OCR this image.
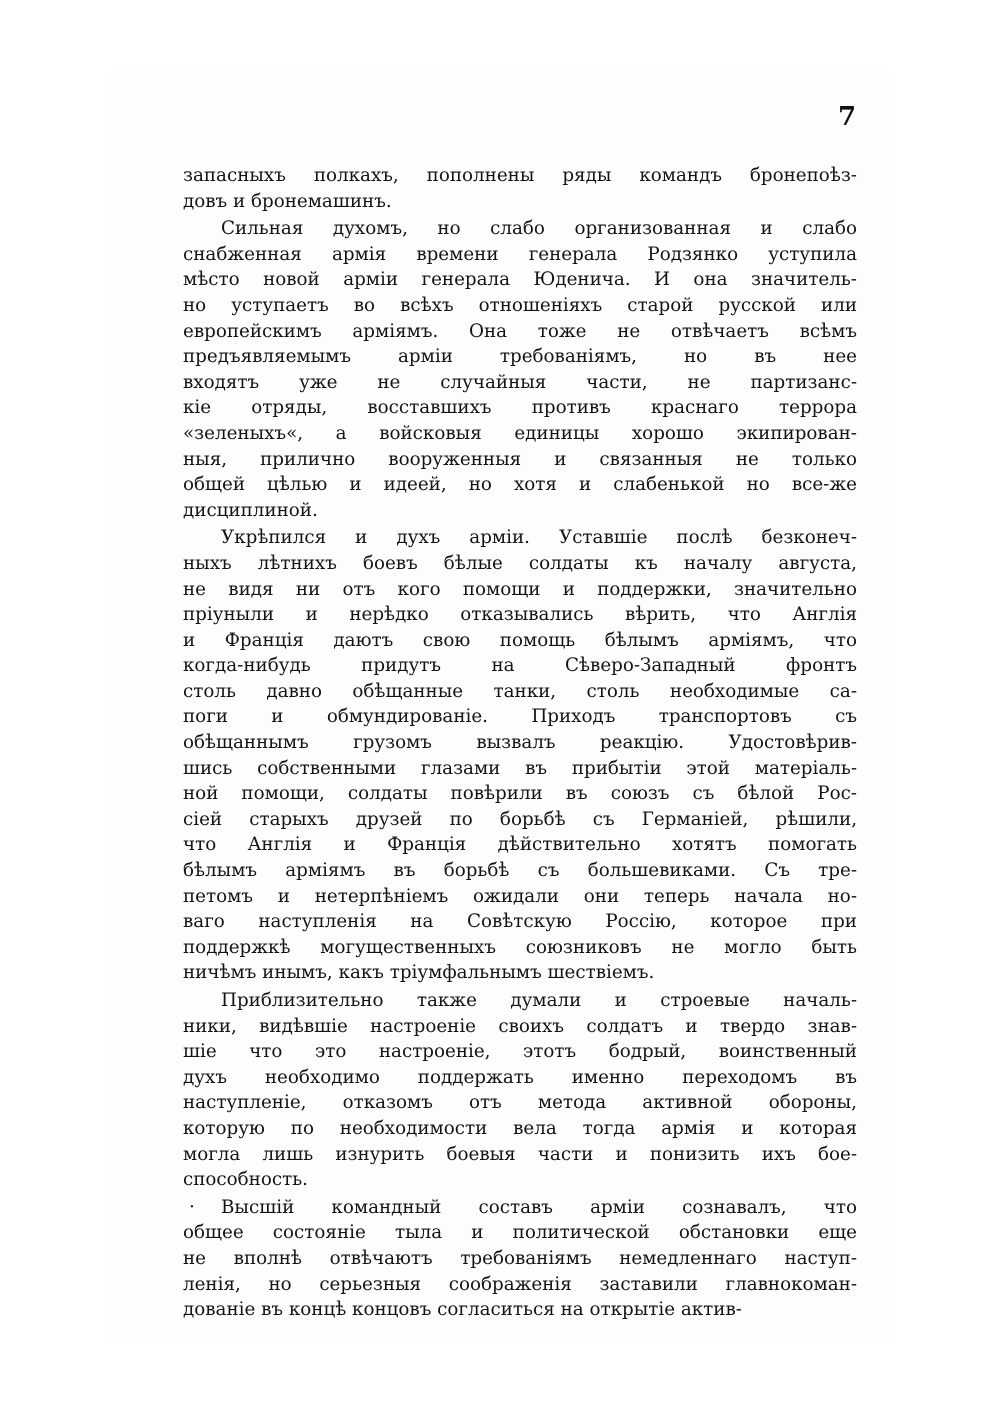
7
запасныхъ полкахъ, пополнены ряды командъ бронепоѣз-
довъ и бронемашинъ.
Сильная духомъ, но слабо организованная и слабо
снабженная армія времени генерала Родзянко уступила
мѣсто новой арміи генерала Юденича. И она значитель-
но уступаетъ во всѣхъ отношеніяхъ старой русской или
европейскимъ арміямъ. Она тоже не отвѣчаетъ всѣмъ
предъявляемымъ арміи требованіямъ, но въ нее
входятъ уже не случайныя части, не партизанс-
кіе отряды, восставшихъ противъ краснаго террора
«зеленыхъ«, а войсковыя единицы хорошо экипирован-
ныя, прилично вооруженныя и связанныя не только
общей цѣлью и идеей, но хотя и слабенькой но все-же
дисциплиной.
Укрѣпился и духъ арміи. Уставшіе послѣ безконеч-
ныхъ лѣтнихъ боевъ бѣлые солдаты къ началу августа,
не видя ни отъ кого помощи и поддержки, значительно
пріуныли и нерѣдко отказывались вѣрить, что Англія
и Франція даютъ свою помощь бѣлымъ арміямъ, что
когда-нибудь придутъ на Сѣверо-Западный фронтъ
столь давно обѣщанные танки, столь необходимые са-
поги и обмундированіе. Приходъ транспортовъ съ
обѣщаннымъ грузомъ вызвалъ реакцію. Удостовѣрив-
шись собственными глазами въ прибытіи этой матеріаль-
ной помощи, солдаты повѣрили въ союзъ съ бѣлой Рос-
сіей старыхъ друзей по борьбѣ съ Германіей, рѣшили,
что Англія и Франція дѣйствительно хотятъ помогать
бѣлымъ арміямъ въ борьбѣ съ большевиками. Съ тре-
петомъ и нетерпѣніемъ ожидали они теперь начала но-
ваго наступленія на Совѣтскую Россію, которое при
поддержкѣ могущественныхъ союзниковъ не могло быть
ничѣмъ инымъ, какъ тріумфальнымъ шествіемъ.
Приблизительно также думали и строевые началь-
ники, видѣвшіе настроеніе своихъ солдатъ и твердо знав-
шіе что это настроеніе, этотъ бодрый, воинственный
духъ необходимо поддержать именно переходомъ въ
наступленіе, отказомъ отъ метода активной обороны,
которую по необходимости вела тогда армія и которая
могла лишь изнурить боевыя части и понизить ихъ бое-
способность.
· Высшій командный составъ арміи сознавалъ, что
общее состояніе тыла и политической обстановки еще
не вполнѣ отвѣчаютъ требованіямъ немедленнаго наступ-
ленія, но серьезныя соображенія заставили главнокоман-
дованіе въ концѣ концовъ согласиться на открытіе актив-
